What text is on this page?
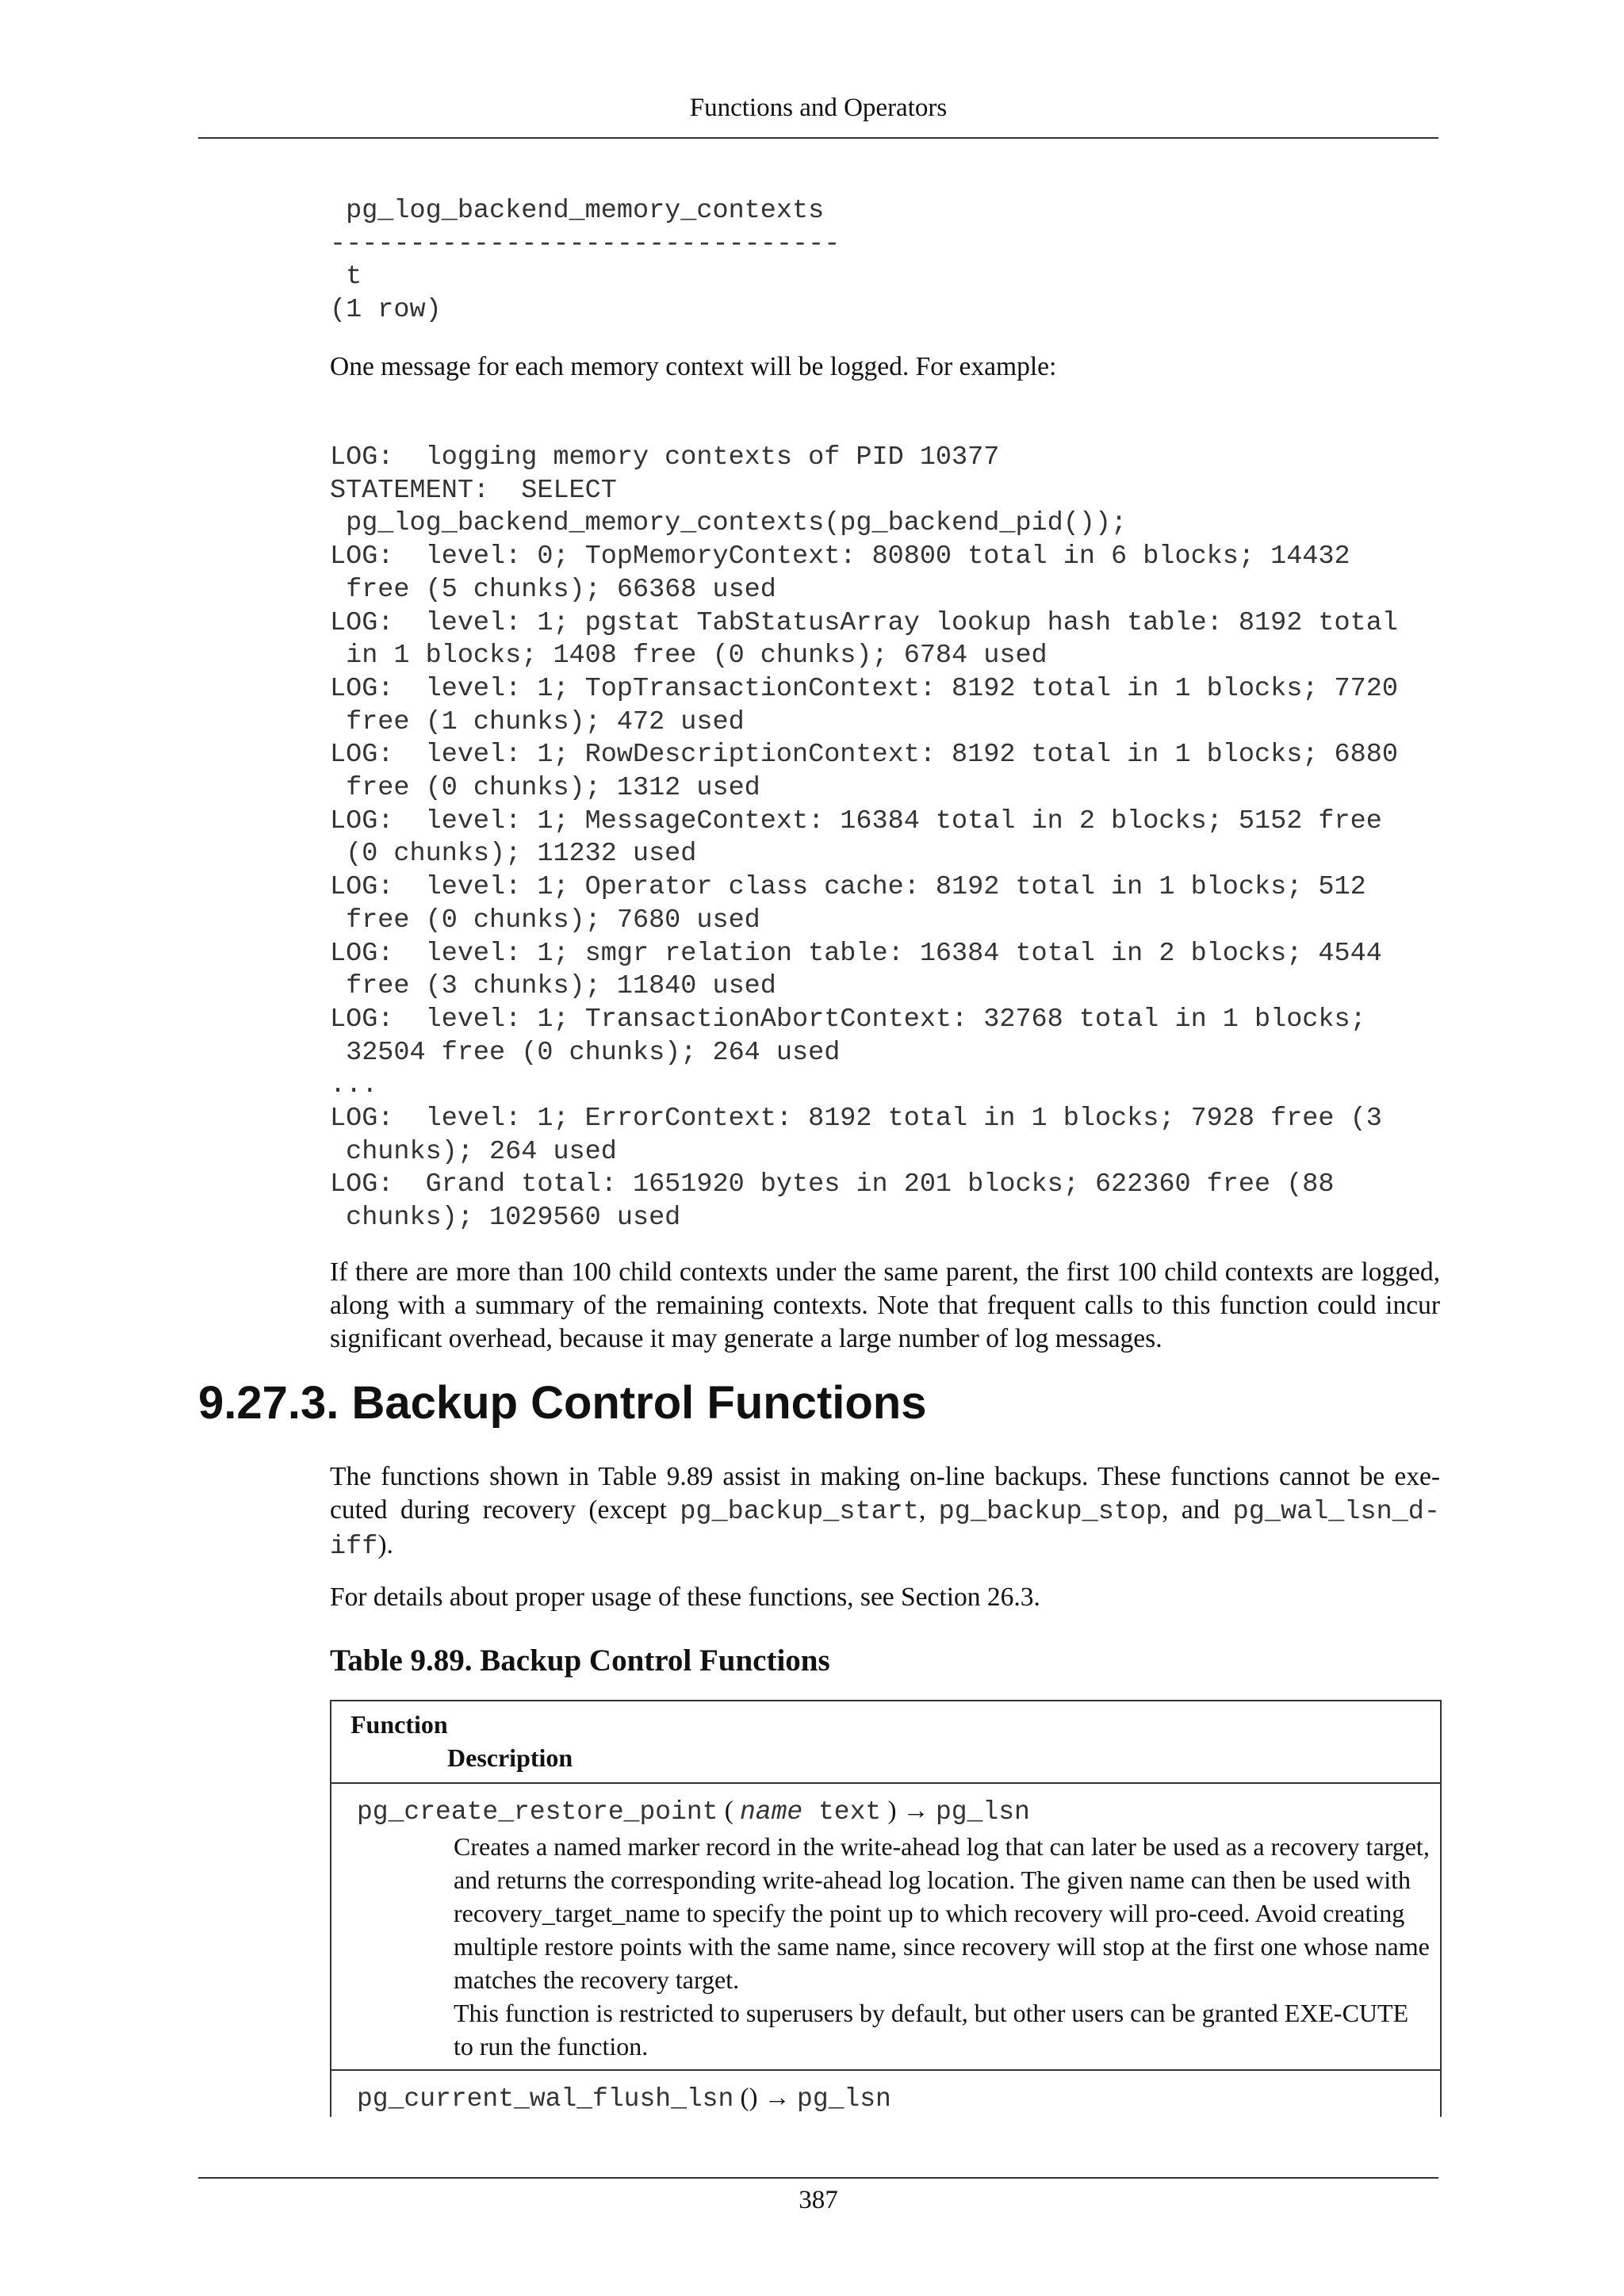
Functions and Operators
pg_log_backend_memory_contexts
--------------------------------
t
(1 row)

One message for each memory context will be logged. For example:

LOG:  logging memory contexts of PID 10377
STATEMENT:  SELECT
pg_log_backend_memory_contexts(pg_backend_pid());
LOG:  level: 0; TopMemoryContext: 80800 total in 6 blocks; 14432
free (5 chunks); 66368 used
LOG:  level: 1; pgstat TabStatusArray lookup hash table: 8192 total
in 1 blocks; 1408 free (0 chunks); 6784 used
LOG:  level: 1; TopTransactionContext: 8192 total in 1 blocks; 7720
free (1 chunks); 472 used
LOG:  level: 1; RowDescriptionContext: 8192 total in 1 blocks; 6880
free (0 chunks); 1312 used
LOG:  level: 1; MessageContext: 16384 total in 2 blocks; 5152 free
(0 chunks); 11232 used
LOG:  level: 1; Operator class cache: 8192 total in 1 blocks; 512
free (0 chunks); 7680 used
LOG:  level: 1; smgr relation table: 16384 total in 2 blocks; 4544
free (3 chunks); 11840 used
LOG:  level: 1; TransactionAbortContext: 32768 total in 1 blocks;
32504 free (0 chunks); 264 used
...
LOG:  level: 1; ErrorContext: 8192 total in 1 blocks; 7928 free (3
chunks); 264 used
LOG:  Grand total: 1651920 bytes in 201 blocks; 622360 free (88
chunks); 1029560 used

If there are more than 100 child contexts under the same parent, the first 100 child contexts are logged, along with a summary of the remaining contexts. Note that frequent calls to this function could incur significant overhead, because it may generate a large number of log messages.

9.27.3. Backup Control Functions

The functions shown in Table 9.89 assist in making on-line backups. These functions cannot be exe-cuted during recovery (except pg_backup_start, pg_backup_stop, and pg_wal_lsn_d-iff).

For details about proper usage of these functions, see Section 26.3.

Table 9.89. Backup Control Functions
Function
Description
pg_create_restore_point ( name text ) → pg_lsn
Creates a named marker record in the write-ahead log that can later be used as a recovery target, and returns the corresponding write-ahead log location. The given name can then be used with recovery_target_name to specify the point up to which recovery will pro-ceed. Avoid creating multiple restore points with the same name, since recovery will stop at the first one whose name matches the recovery target.
This function is restricted to superusers by default, but other users can be granted EXE-CUTE to run the function.
pg_current_wal_flush_lsn () → pg_lsn
387
